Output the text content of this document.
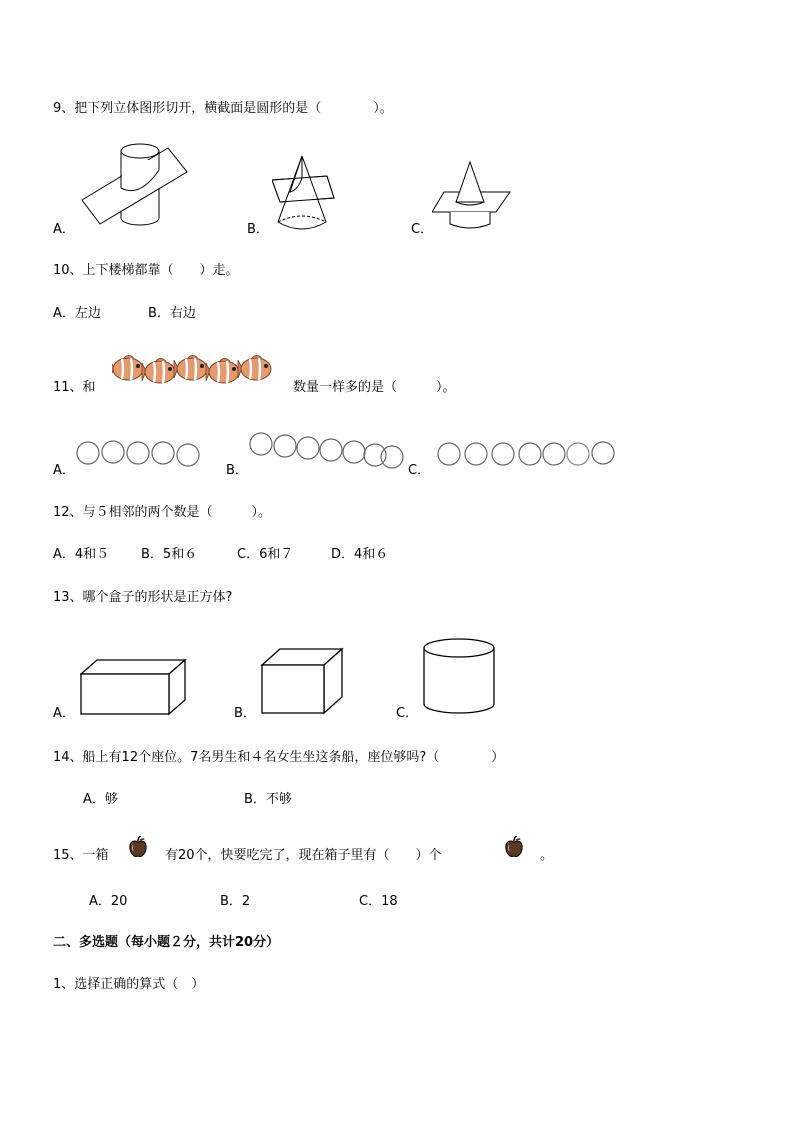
9、把下列立体图形切开，横截面是圆形的是（　　　　）。
A．	B．	C．
10、上下楼梯都靠（　　）走。
A．左边	B．右边
11、和	数量一样多的是（　　　）。
A．	B．	C．
12、与５相邻的两个数是（　　　）。
A．4和５ B．5和６	C．6和７	D．4和６
13、哪个盒子的形状是正方体?
A．	B．	C．
14、船上有12个座位。7名男生和４名女生坐这条船，座位够吗?（　　　　）
A．够	B．不够
15、一箱	有20个，快要吃完了，现在箱子里有（　　）个	。
A．20	B．2	C．18
二、多选题（每小题２分，共计20分）
1、选择正确的算式（　）
